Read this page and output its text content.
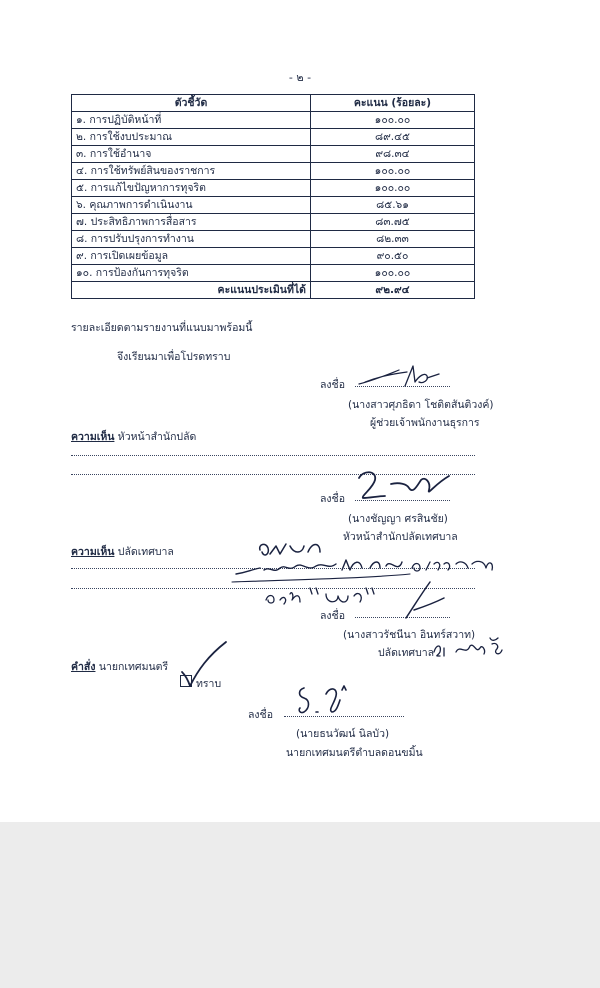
- ๒ -
ตัวชี้วัด	คะแนน (ร้อยละ)
๑. การปฏิบัติหน้าที่	๑๐๐.๐๐
๒. การใช้งบประมาณ	๘๙.๔๕
๓. การใช้อำนาจ	๙๘.๓๔
๔. การใช้ทรัพย์สินของราชการ	๑๐๐.๐๐
๕. การแก้ไขปัญหาการทุจริต	๑๐๐.๐๐
๖. คุณภาพการดำเนินงาน	๘๕.๖๑
๗. ประสิทธิภาพการสื่อสาร	๘๓.๗๕
๘. การปรับปรุงการทำงาน	๘๒.๓๓
๙. การเปิดเผยข้อมูล	๙๐.๕๐
๑๐. การป้องกันการทุจริต	๑๐๐.๐๐
คะแนนประเมินที่ได้	๙๒.๙๔
รายละเอียดตามรายงานที่แนบมาพร้อมนี้
จึงเรียนมาเพื่อโปรดทราบ
ลงชื่อ
(นางสาวศุภธิดา โชติตสันติวงค์)
ผู้ช่วยเจ้าพนักงานธุรการ
ความเห็น หัวหน้าสำนักปลัด
ลงชื่อ
(นางชัญญา ศรสินชัย)
หัวหน้าสำนักปลัดเทศบาล
ความเห็น ปลัดเทศบาล
ลงชื่อ
(นางสาวรัชนีนา อินทร์สวาท)
ปลัดเทศบาล
คำสั่ง นายกเทศมนตรี
ทราบ
ลงชื่อ
(นายธนวัฒน์ นิลบัว)
นายกเทศมนตรีตำบลดอนขมิ้น
